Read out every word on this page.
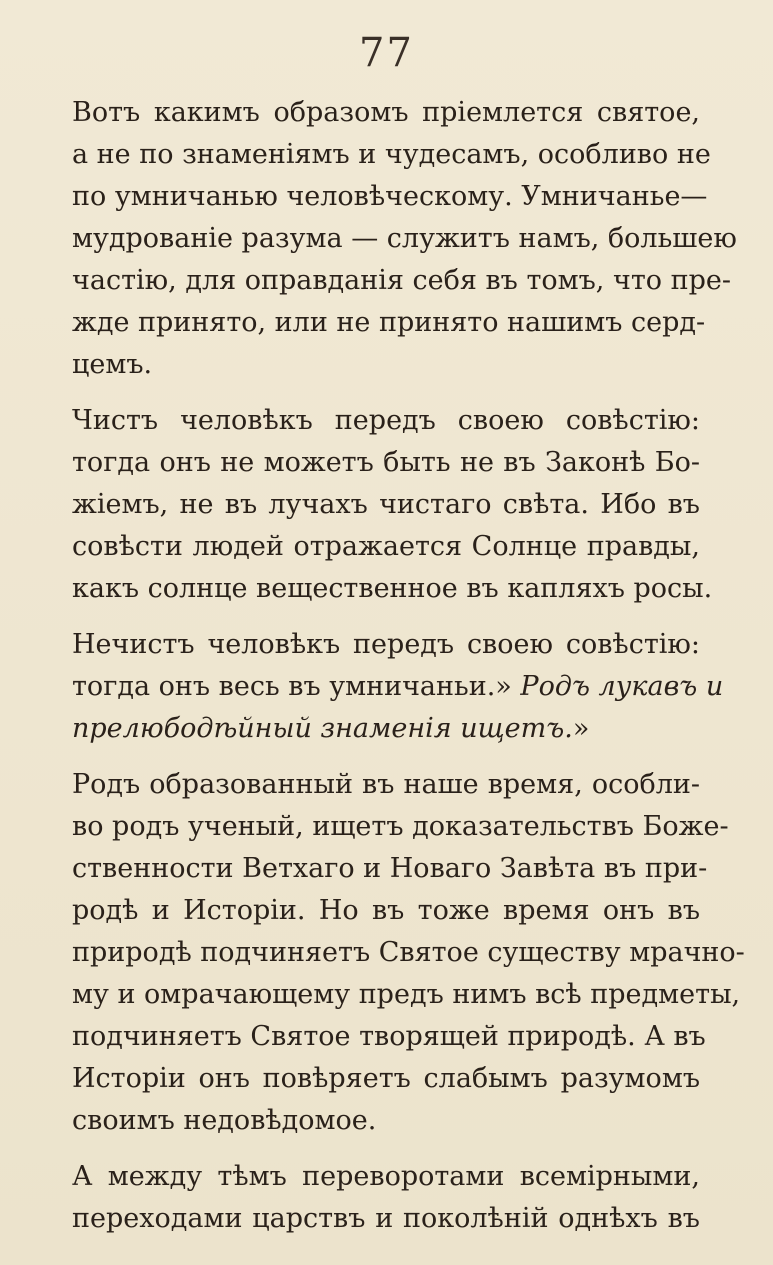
77
Вотъ какимъ образомъ пріемлется святое,
а не по знаменіямъ и чудесамъ, особливо не
по умничанью человѣческому. Умничанье—
мудрованіе разума — служитъ намъ, большею
частію, для оправданія себя въ томъ, что пре-
жде принято, или не принято нашимъ серд-
цемъ.
Чистъ человѣкъ передъ своею совѣстію:
тогда онъ не можетъ быть не въ Законѣ Бо-
жіемъ, не въ лучахъ чистаго свѣта. Ибо въ
совѣсти людей отражается Солнце правды,
какъ солнце вещественное въ капляхъ росы.
Нечистъ человѣкъ передъ своею совѣстію:
тогда онъ весь въ умничаньи.» Родъ лукавъ и
прелюбодѣйный знаменія ищетъ.»
Родъ образованный въ наше время, особли-
во родъ ученый, ищетъ доказательствъ Боже-
ственности Ветхаго и Новаго Завѣта въ при-
родѣ и Исторіи. Но въ тоже время онъ въ
природѣ подчиняетъ Святое существу мрачно-
му и омрачающему предъ нимъ всѣ предметы,
подчиняетъ Святое творящей природѣ. А въ
Исторіи онъ повѣряетъ слабымъ разумомъ
своимъ недовѣдомое.
А между тѣмъ переворотами всемірными,
переходами царствъ и поколѣній однѣхъ въ
